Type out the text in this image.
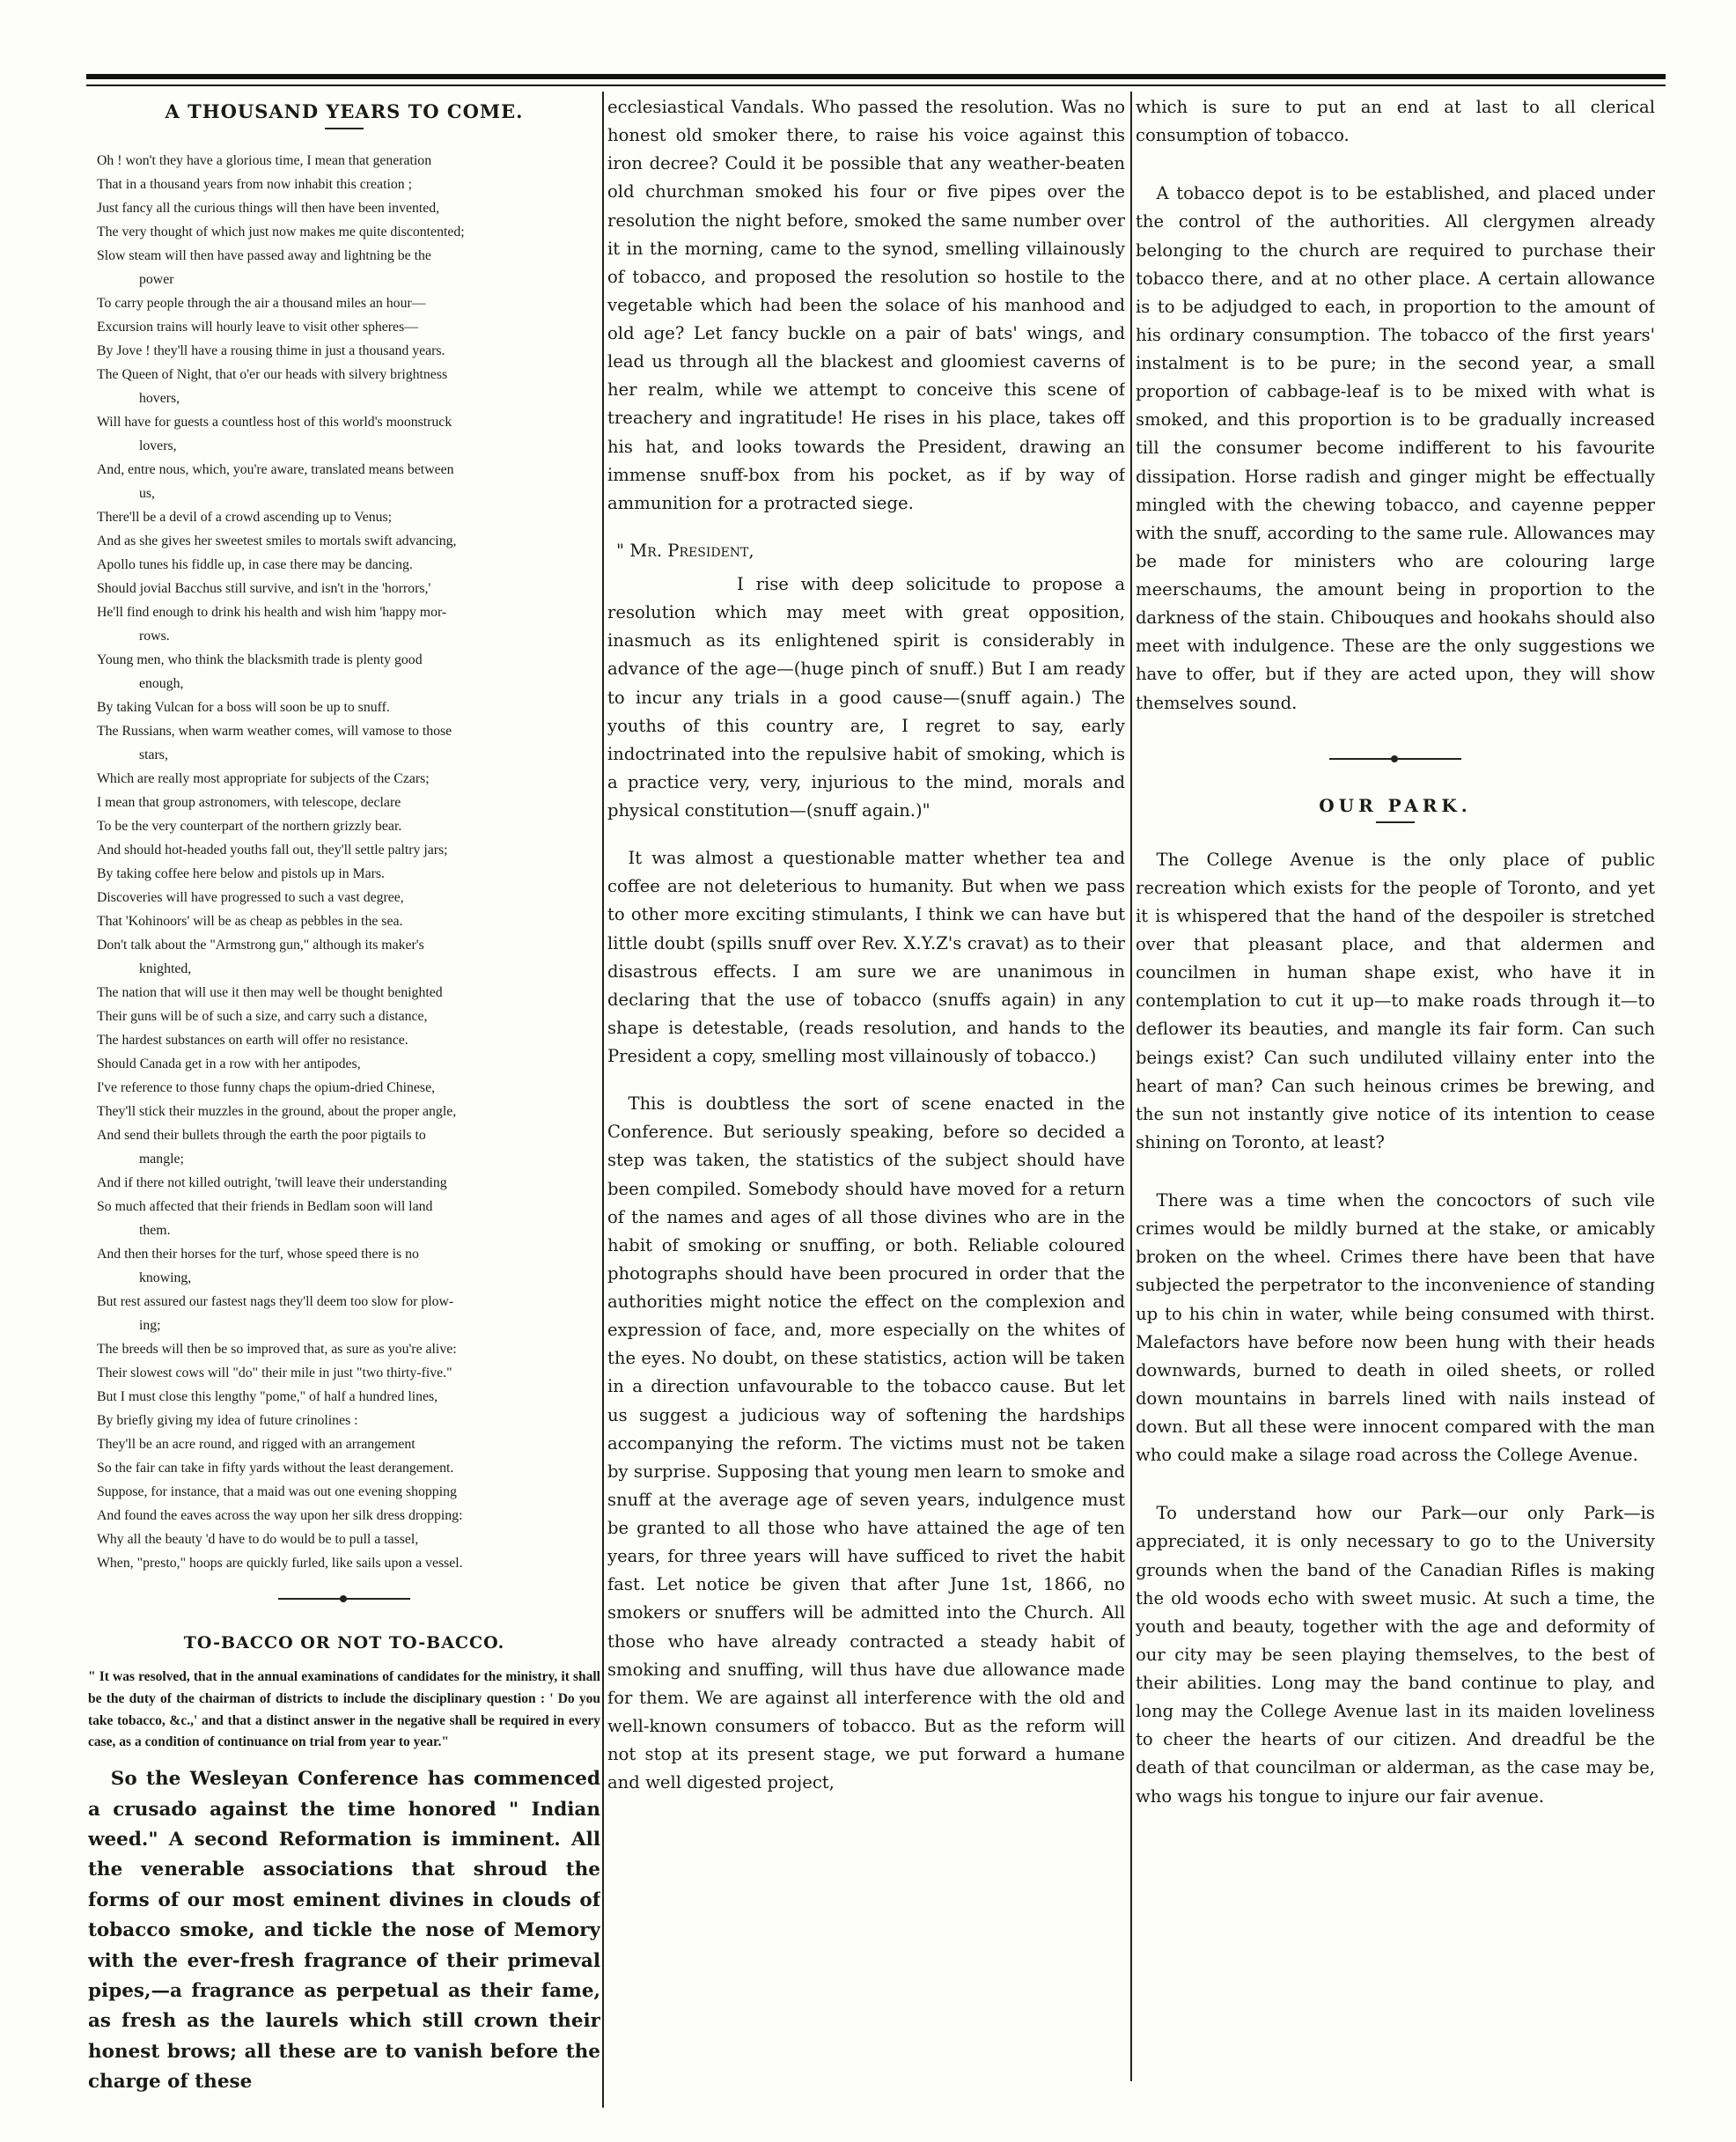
A THOUSAND YEARS TO COME.
Oh ! won't they have a glorious time, I mean that generation
That in a thousand years from now inhabit this creation ;
Just fancy all the curious things will then have been invented,
The very thought of which just now makes me quite discontented;
Slow steam will then have passed away and lightning be the
power
To carry people through the air a thousand miles an hour—
Excursion trains will hourly leave to visit other spheres—
By Jove ! they'll have a rousing thime in just a thousand years.
The Queen of Night, that o'er our heads with silvery brightness
hovers,
Will have for guests a countless host of this world's moonstruck
lovers,
And, entre nous, which, you're aware, translated means between
us,
There'll be a devil of a crowd ascending up to Venus;
And as she gives her sweetest smiles to mortals swift advancing,
Apollo tunes his fiddle up, in case there may be dancing.
Should jovial Bacchus still survive, and isn't in the 'horrors,'
He'll find enough to drink his health and wish him 'happy mor-
rows.
Young men, who think the blacksmith trade is plenty good
enough,
By taking Vulcan for a boss will soon be up to snuff.
The Russians, when warm weather comes, will vamose to those
stars,
Which are really most appropriate for subjects of the Czars;
I mean that group astronomers, with telescope, declare
To be the very counterpart of the northern grizzly bear.
And should hot-headed youths fall out, they'll settle paltry jars;
By taking coffee here below and pistols up in Mars.
Discoveries will have progressed to such a vast degree,
That 'Kohinoors' will be as cheap as pebbles in the sea.
Don't talk about the "Armstrong gun," although its maker's
knighted,
The nation that will use it then may well be thought benighted
Their guns will be of such a size, and carry such a distance,
The hardest substances on earth will offer no resistance.
Should Canada get in a row with her antipodes,
I've reference to those funny chaps the opium-dried Chinese,
They'll stick their muzzles in the ground, about the proper angle,
And send their bullets through the earth the poor pigtails to
mangle;
And if there not killed outright, 'twill leave their understanding
So much affected that their friends in Bedlam soon will land
them.
And then their horses for the turf, whose speed there is no
knowing,
But rest assured our fastest nags they'll deem too slow for plow-
ing;
The breeds will then be so improved that, as sure as you're alive:
Their slowest cows will "do" their mile in just "two thirty-five."
But I must close this lengthy "pome," of half a hundred lines,
By briefly giving my idea of future crinolines :
They'll be an acre round, and rigged with an arrangement
So the fair can take in fifty yards without the least derangement.
Suppose, for instance, that a maid was out one evening shopping
And found the eaves across the way upon her silk dress dropping:
Why all the beauty 'd have to do would be to pull a tassel,
When, "presto," hoops are quickly furled, like sails upon a vessel.
TO-BACCO OR NOT TO-BACCO.

" It was resolved, that in the annual examinations of candidates for the ministry, it shall be the duty of the chairman of districts to include the disciplinary question : ' Do you take tobacco, &c.,' and that a distinct answer in the negative shall be required in every case, as a condition of continuance on trial from year to year."

So the Wesleyan Conference has commenced a crusado against the time honored " Indian weed." A second Reformation is imminent. All the venerable associations that shroud the forms of our most eminent divines in clouds of tobacco smoke, and tickle the nose of Memory with the ever-fresh fragrance of their primeval pipes,—a fragrance as perpetual as their fame, as fresh as the laurels which still crown their honest brows; all these are to vanish before the charge of these

ecclesiastical Vandals. Who passed the resolution. Was no honest old smoker there, to raise his voice against this iron decree? Could it be possible that any weather-beaten old churchman smoked his four or five pipes over the resolution the night before, smoked the same number over it in the morning, came to the synod, smelling villainously of tobacco, and proposed the resolution so hostile to the vegetable which had been the solace of his manhood and old age? Let fancy buckle on a pair of bats' wings, and lead us through all the blackest and gloomiest caverns of her realm, while we attempt to conceive this scene of treachery and ingratitude! He rises in his place, takes off his hat, and looks towards the President, drawing an immense snuff-box from his pocket, as if by way of ammunition for a protracted siege.

" Mr. President,

I rise with deep solicitude to propose a resolution which may meet with great opposition, inasmuch as its enlightened spirit is considerably in advance of the age—(huge pinch of snuff.) But I am ready to incur any trials in a good cause—(snuff again.) The youths of this country are, I regret to say, early indoctrinated into the repulsive habit of smoking, which is a practice very, very, injurious to the mind, morals and physical constitution—(snuff again.)"

It was almost a questionable matter whether tea and coffee are not deleterious to humanity. But when we pass to other more exciting stimulants, I think we can have but little doubt (spills snuff over Rev. X.Y.Z's cravat) as to their disastrous effects. I am sure we are unanimous in declaring that the use of tobacco (snuffs again) in any shape is detestable, (reads resolution, and hands to the President a copy, smelling most villainously of tobacco.)

This is doubtless the sort of scene enacted in the Conference. But seriously speaking, before so decided a step was taken, the statistics of the subject should have been compiled. Somebody should have moved for a return of the names and ages of all those divines who are in the habit of smoking or snuffing, or both. Reliable coloured photographs should have been procured in order that the authorities might notice the effect on the complexion and expression of face, and, more especially on the whites of the eyes. No doubt, on these statistics, action will be taken in a direction unfavourable to the tobacco cause. But let us suggest a judicious way of softening the hardships accompanying the reform. The victims must not be taken by surprise. Supposing that young men learn to smoke and snuff at the average age of seven years, indulgence must be granted to all those who have attained the age of ten years, for three years will have sufficed to rivet the habit fast. Let notice be given that after June 1st, 1866, no smokers or snuffers will be admitted into the Church. All those who have already contracted a steady habit of smoking and snuffing, will thus have due allowance made for them. We are against all interference with the old and well-known consumers of tobacco. But as the reform will not stop at its present stage, we put forward a humane and well digested project,

which is sure to put an end at last to all clerical consumption of tobacco.

A tobacco depot is to be established, and placed under the control of the authorities. All clergymen already belonging to the church are required to purchase their tobacco there, and at no other place. A certain allowance is to be adjudged to each, in proportion to the amount of his ordinary consumption. The tobacco of the first years' instalment is to be pure; in the second year, a small proportion of cabbage-leaf is to be mixed with what is smoked, and this proportion is to be gradually increased till the consumer become indifferent to his favourite dissipation. Horse radish and ginger might be effectually mingled with the chewing tobacco, and cayenne pepper with the snuff, according to the same rule. Allowances may be made for ministers who are colouring large meerschaums, the amount being in proportion to the darkness of the stain. Chibouques and hookahs should also meet with indulgence. These are the only suggestions we have to offer, but if they are acted upon, they will show themselves sound.

OUR PARK.

The College Avenue is the only place of public recreation which exists for the people of Toronto, and yet it is whispered that the hand of the despoiler is stretched over that pleasant place, and that aldermen and councilmen in human shape exist, who have it in contemplation to cut it up—to make roads through it—to deflower its beauties, and mangle its fair form. Can such beings exist? Can such undiluted villainy enter into the heart of man? Can such heinous crimes be brewing, and the sun not instantly give notice of its intention to cease shining on Toronto, at least?

There was a time when the concoctors of such vile crimes would be mildly burned at the stake, or amicably broken on the wheel. Crimes there have been that have subjected the perpetrator to the inconvenience of standing up to his chin in water, while being consumed with thirst. Malefactors have before now been hung with their heads downwards, burned to death in oiled sheets, or rolled down mountains in barrels lined with nails instead of down. But all these were innocent compared with the man who could make a silage road across the College Avenue.

To understand how our Park—our only Park—is appreciated, it is only necessary to go to the University grounds when the band of the Canadian Rifles is making the old woods echo with sweet music. At such a time, the youth and beauty, together with the age and deformity of our city may be seen playing themselves, to the best of their abilities. Long may the band continue to play, and long may the College Avenue last in its maiden loveliness to cheer the hearts of our citizen. And dreadful be the death of that councilman or alderman, as the case may be, who wags his tongue to injure our fair avenue.
